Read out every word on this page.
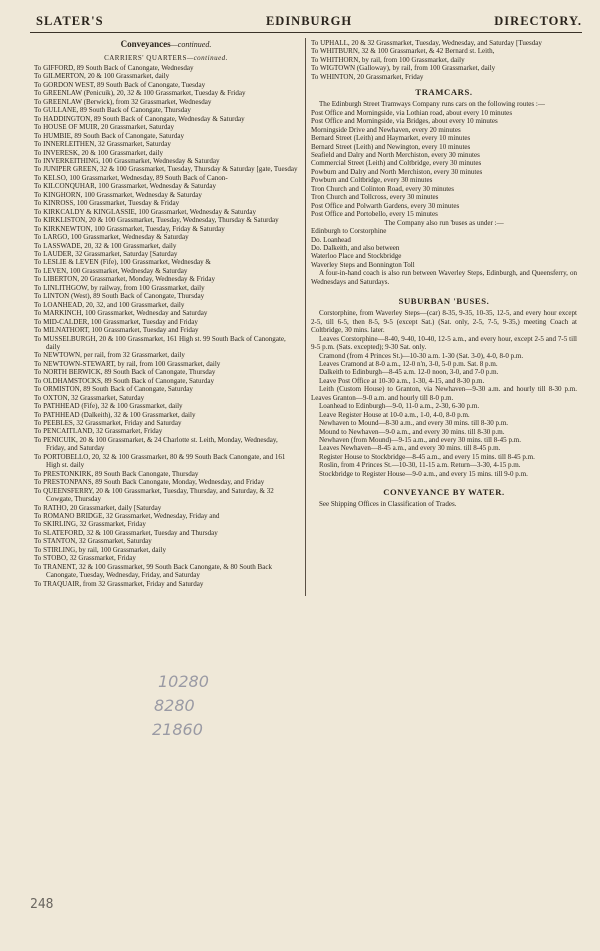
SLATER'S	EDINBURGH	DIRECTORY.
Conveyances—continued.
CARRIERS' QUARTERS—continued.

To GIFFORD, 89 South Back of Canongate, Wednesday

To GILMERTON, 20 & 100 Grassmarket, daily

To GORDON WEST, 89 South Back of Canongate, Tuesday

To GREENLAW (Penicuik), 20, 32 & 100 Grassmarket, Tuesday & Friday

To GREENLAW (Berwick), from 32 Grassmarket, Wednesday

To GULLANE, 89 South Back of Canongate, Thursday

To HADDINGTON, 89 South Back of Canongate, Wednesday & Saturday

To HOUSE OF MUIR, 20 Grassmarket, Saturday

To HUMBIE, 89 South Back of Canongate, Saturday

To INNERLEITHEN, 32 Grassmarket, Saturday

To INVERESK, 20 & 100 Grassmarket, daily

To INVERKEITHING, 100 Grassmarket, Wednesday & Saturday

To JUNIPER GREEN, 32 & 100 Grassmarket, Tuesday, Thursday & Saturday [gate, Tuesday

To KELSO, 100 Grassmarket, Wednesday, 89 South Back of Canon-

To KILCONQUHAR, 100 Grassmarket, Wednesday & Saturday

To KINGHORN, 100 Grassmarket, Wednesday & Saturday

To KINROSS, 100 Grassmarket, Tuesday & Friday

To KIRKCALDY & KINGLASSIE, 100 Grassmarket, Wednesday & Saturday

To KIRKLISTON, 20 & 100 Grassmarket, Tuesday, Wednesday, Thursday & Saturday

To KIRKNEWTON, 100 Grassmarket, Tuesday, Friday & Saturday

To LARGO, 100 Grassmarket, Wednesday & Saturday

To LASSWADE, 20, 32 & 100 Grassmarket, daily

To LAUDER, 32 Grassmarket, Saturday [Saturday

To LESLIE & LEVEN (Fife), 100 Grassmarket, Wednesday &

To LEVEN, 100 Grassmarket, Wednesday & Saturday

To LIBERTON, 20 Grassmarket, Monday, Wednesday & Friday

To LINLITHGOW, by railway, from 100 Grassmarket, daily

To LINTON (West), 89 South Back of Canongate, Thursday

To LOANHEAD, 20, 32, and 100 Grassmarket, daily

To MARKINCH, 100 Grassmarket, Wednesday and Saturday

To MID-CALDER, 100 Grassmarket, Tuesday and Friday

To MILNATHORT, 100 Grassmarket, Tuesday and Friday

To MUSSELBURGH, 20 & 100 Grassmarket, 161 High st. 99 South Back of Canongate, daily

To NEWTOWN, per rail, from 32 Grassmarket, daily

To NEWTOWN-STEWART, by rail, from 100 Grassmarket, daily

To NORTH BERWICK, 89 South Back of Canongate, Thursday

To OLDHAMSTOCKS, 89 South Back of Canongate, Saturday

To ORMISTON, 89 South Back of Canongate, Saturday

To OXTON, 32 Grassmarket, Saturday

To PATHHEAD (Fife), 32 & 100 Grassmarket, daily

To PATHHEAD (Dalkeith), 32 & 100 Grassmarket, daily

To PEEBLES, 32 Grassmarket, Friday and Saturday

To PENCAITLAND, 32 Grassmarket, Friday

To PENICUIK, 20 & 100 Grassmarket, & 24 Charlotte st. Leith, Monday, Wednesday, Friday, and Saturday

To PORTOBELLO, 20, 32 & 100 Grassmarket, 80 & 99 South Back Canongate, and 161 High st. daily

To PRESTONKIRK, 89 South Back Canongate, Thursday

To PRESTONPANS, 89 South Back Canongate, Monday, Wednesday, and Friday

To QUEENSFERRY, 20 & 100 Grassmarket, Tuesday, Thursday, and Saturday, & 32 Cowgate, Thursday

To RATHO, 20 Grassmarket, daily [Saturday

To ROMANO BRIDGE, 32 Grassmarket, Wednesday, Friday and

To SKIRLING, 32 Grassmarket, Friday

To SLATEFORD, 32 & 100 Grassmarket, Tuesday and Thursday

To STANTON, 32 Grassmarket, Saturday

To STIRLING, by rail, 100 Grassmarket, daily

To STOBO, 32 Grassmarket, Friday

To TRANENT, 32 & 100 Grassmarket, 99 South Back Canongate, & 80 South Back Canongate, Tuesday, Wednesday, Friday, and Saturday

To TRAQUAIR, from 32 Grassmarket, Friday and Saturday

To UPHALL, 20 & 32 Grassmarket, Tuesday, Wednesday, and Saturday [Tuesday

To WHITBURN, 32 & 100 Grassmarket, & 42 Bernard st. Leith,

To WHITHORN, by rail, from 100 Grassmarket, daily

To WIGTOWN (Galloway), by rail, from 100 Grassmarket, daily

To WHINTON, 20 Grassmarket, Friday

TRAMCARS.

The Edinburgh Street Tramways Company runs cars on the following routes :—

Post Office and Morningside, via Lothian road, about every 10 minutes

Post Office and Morningside, via Bridges, about every 10 minutes

Morningside Drive and Newhaven, every 20 minutes

Bernard Street (Leith) and Haymarket, every 10 minutes

Bernard Street (Leith) and Newington, every 10 minutes

Seafield and Dalry and North Merchiston, every 30 minutes

Commercial Street (Leith) and Coltbridge, every 30 minutes

Powburn and Dalry and North Merchiston, every 30 minutes

Powburn and Coltbridge, every 30 minutes

Tron Church and Colinton Road, every 30 minutes

Tron Church and Tollcross, every 30 minutes

Post Office and Polwarth Gardens, every 30 minutes

Post Office and Portobello, every 15 minutes

The Company also run 'buses as under :—

Edinburgh to Corstorphine

Do. Loanhead

Do. Dalkeith, and also between

Waterloo Place and Stockbridge

Waverley Steps and Bonnington Toll

A four-in-hand coach is also run between Waverley Steps, Edinburgh, and Queensferry, on Wednesdays and Saturdays.

SUBURBAN 'BUSES.

Corstorphine, from Waverley Steps—(car) 8-35, 9-35, 10-35, 12-5, and every hour except 2-5, till 6-5, then 8-5, 9-5 (except Sat.) (Sat. only, 2-5, 7-5, 9-35,) meeting Coach at Coltbridge, 30 mins. later.

Leaves Corstorphine—8-40, 9-40, 10-40, 12-5 a.m., and every hour, except 2-5 and 7-5 till 9-5 p.m. (Sats. excepted); 9-30 Sat. only.

Cramond (from 4 Princes St.)—10-30 a.m. 1-30 (Sat. 3-0), 4-0, 8-0 p.m.

Leaves Cramond at 8-0 a.m., 12-0 n'n, 3-0, 5-0 p.m. Sat. 8 p.m.

Dalkeith to Edinburgh—8-45 a.m. 12-0 noon, 3-0, and 7-0 p.m.

Leave Post Office at 10-30 a.m., 1-30, 4-15, and 8-30 p.m.

Leith (Custom House) to Granton, via Newhaven—9-30 a.m. and hourly till 8-30 p.m. Leaves Granton—9-0 a.m. and hourly till 8-0 p.m.

Loanhead to Edinburgh—9-0, 11-0 a.m., 2-30, 6-30 p.m.

Leave Register House at 10-0 a.m., 1-0, 4-0, 8-0 p.m.

Newhaven to Mound—8-30 a.m., and every 30 mins. till 8-30 p.m.

Mound to Newhaven—9-0 a.m., and every 30 mins. till 8-30 p.m.

Newhaven (from Mound)—9-15 a.m., and every 30 mins. till 8-45 p.m.

Leaves Newhaven—8-45 a.m., and every 30 mins. till 8-45 p.m.

Register House to Stockbridge—8-45 a.m., and every 15 mins. till 8-45 p.m.

Roslin, from 4 Princes St.—10-30, 11-15 a.m. Return—3-30, 4-15 p.m.

Stockbridge to Register House—9-0 a.m., and every 15 mins. till 9-0 p.m.

CONVEYANCE BY WATER.

See Shipping Offices in Classification of Trades.

10280
8280
21860
248
